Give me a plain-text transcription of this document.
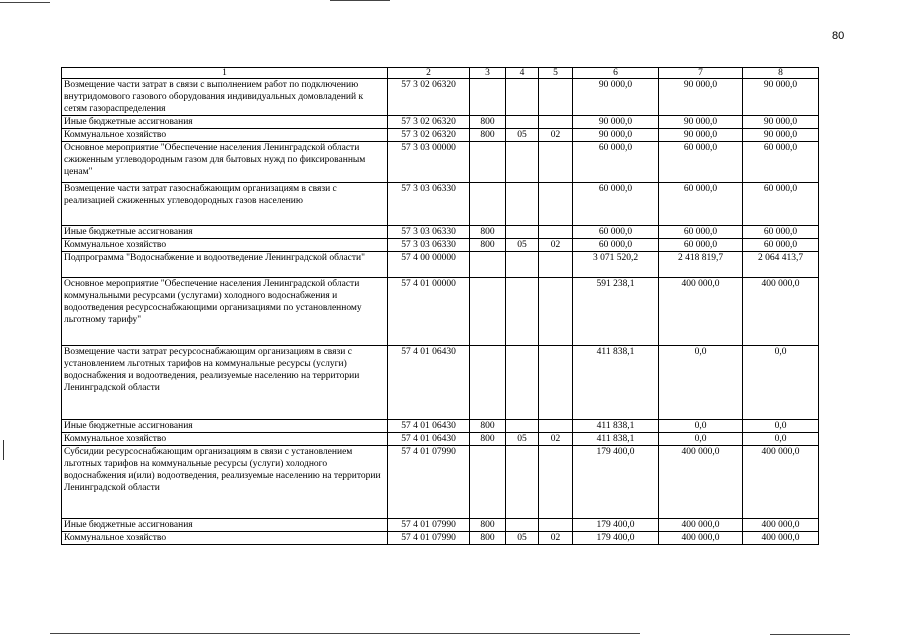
80
1	2	3	4	5	6	7	8
Возмещение части затрат в связи с выполнением работ по подключению внутридомового газового оборудования индивидуальных домовладений к сетям газораспределения	57 3 02 06320				90 000,0	90 000,0	90 000,0
Иные бюджетные ассигнования	57 3 02 06320	800			90 000,0	90 000,0	90 000,0
Коммунальное хозяйство	57 3 02 06320	800	05	02	90 000,0	90 000,0	90 000,0
Основное мероприятие "Обеспечение населения Ленинградской области сжиженным углеводородным газом для бытовых нужд по фиксированным ценам"	57 3 03 00000				60 000,0	60 000,0	60 000,0
Возмещение части затрат газоснабжающим организациям в связи с реализацией сжиженных углеводородных газов населению	57 3 03 06330				60 000,0	60 000,0	60 000,0
Иные бюджетные ассигнования	57 3 03 06330	800			60 000,0	60 000,0	60 000,0
Коммунальное хозяйство	57 3 03 06330	800	05	02	60 000,0	60 000,0	60 000,0
Подпрограмма "Водоснабжение и водоотведение Ленинградской области"	57 4 00 00000				3 071 520,2	2 418 819,7	2 064 413,7
Основное мероприятие "Обеспечение населения Ленинградской области коммунальными ресурсами (услугами) холодного водоснабжения и водоотведения ресурсоснабжающими организациями по установленному льготному тарифу"	57 4 01 00000				591 238,1	400 000,0	400 000,0
Возмещение части затрат ресурсоснабжающим организациям в связи с установлением льготных тарифов на коммунальные ресурсы (услуги) водоснабжения и водоотведения, реализуемые населению на территории Ленинградской области	57 4 01 06430				411 838,1	0,0	0,0
Иные бюджетные ассигнования	57 4 01 06430	800			411 838,1	0,0	0,0
Коммунальное хозяйство	57 4 01 06430	800	05	02	411 838,1	0,0	0,0
Субсидии ресурсоснабжающим организациям в связи с установлением льготных тарифов на коммунальные ресурсы (услуги) холодного водоснабжения и(или) водоотведения, реализуемые населению на территории Ленинградской области	57 4 01 07990				179 400,0	400 000,0	400 000,0
Иные бюджетные ассигнования	57 4 01 07990	800			179 400,0	400 000,0	400 000,0
Коммунальное хозяйство	57 4 01 07990	800	05	02	179 400,0	400 000,0	400 000,0
